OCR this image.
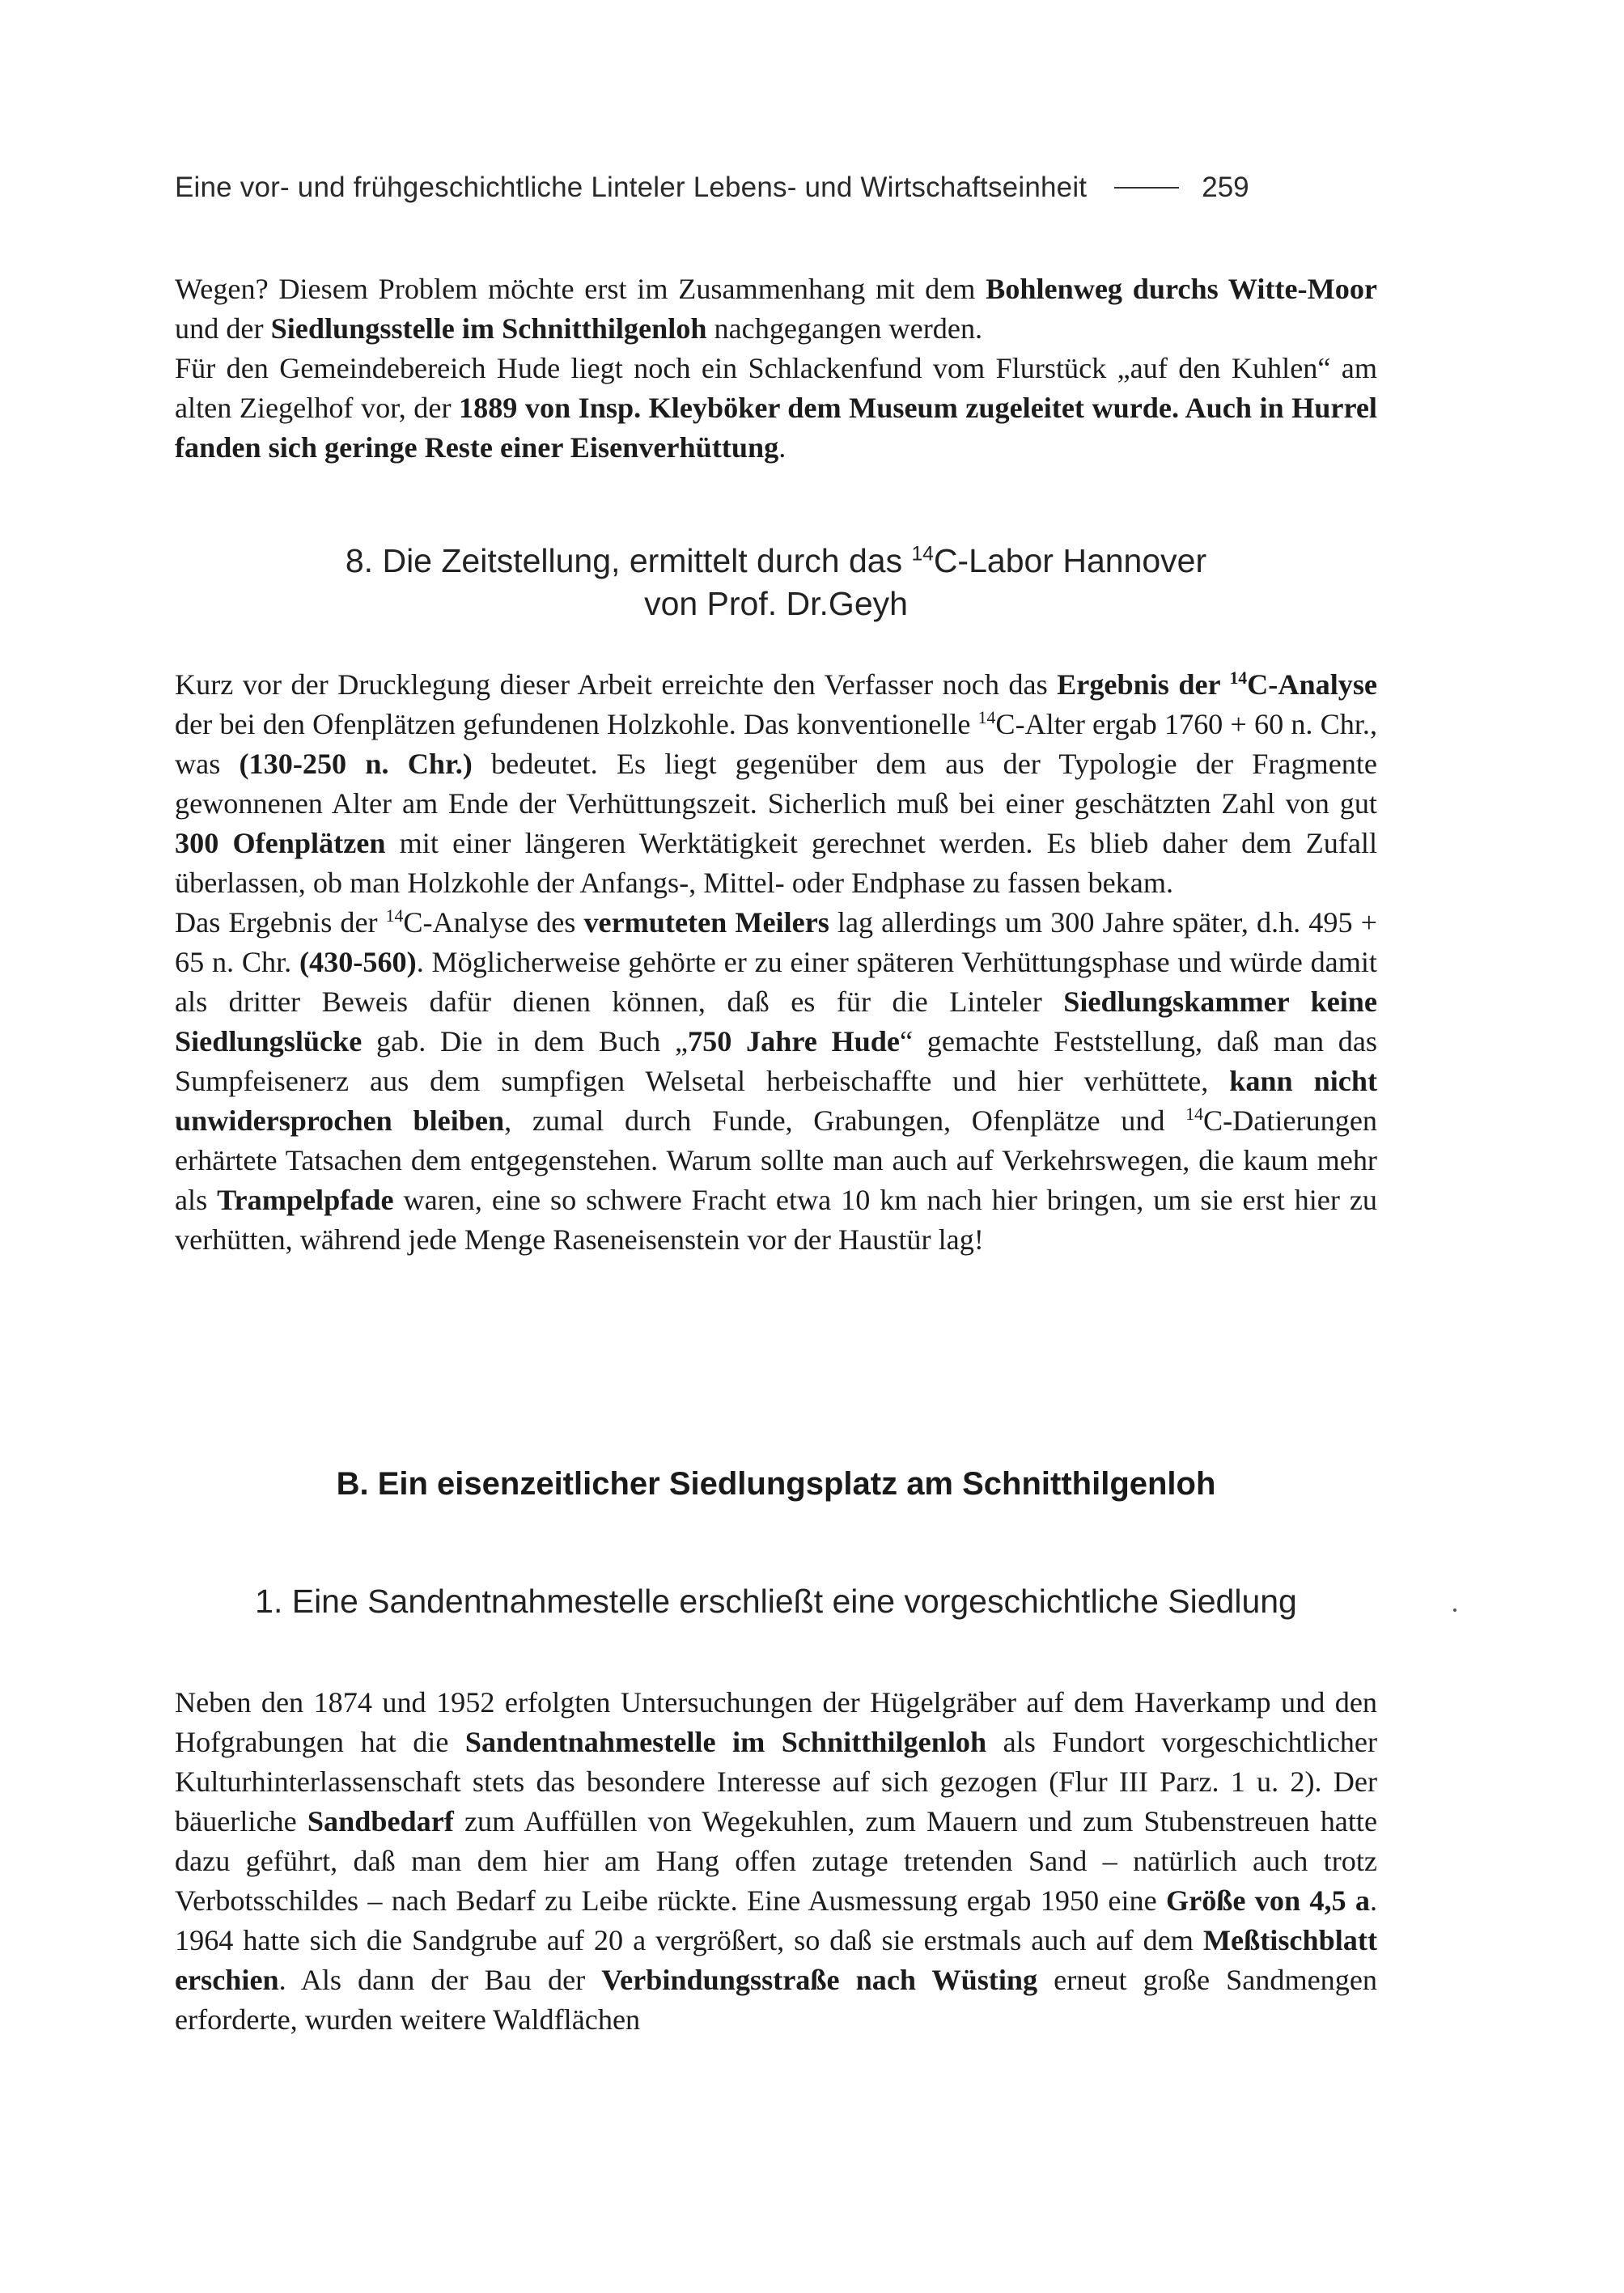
Eine vor- und frühgeschichtliche Linteler Lebens- und Wirtschaftseinheit	259

Wegen? Diesem Problem möchte erst im Zusammenhang mit dem Bohlenweg durchs Witte-Moor und der Siedlungsstelle im Schnitthilgenloh nachgegangen werden.

Für den Gemeindebereich Hude liegt noch ein Schlackenfund vom Flurstück „auf den Kuhlen“ am alten Ziegelhof vor, der 1889 von Insp. Kleyböker dem Museum zugeleitet wurde. Auch in Hurrel fanden sich geringe Reste einer Eisenverhüttung.

8. Die Zeitstellung, ermittelt durch das $^{14}$C-Labor Hannover
von Prof. Dr.Geyh

Kurz vor der Drucklegung dieser Arbeit erreichte den Verfasser noch das Ergebnis der $^{14}$C-Analyse der bei den Ofenplätzen gefundenen Holzkohle. Das konventionelle $^{14}$C-Alter ergab 1760 + 60 n. Chr., was (130-250 n. Chr.) bedeutet. Es liegt gegenüber dem aus der Typologie der Fragmente gewonnenen Alter am Ende der Verhüttungszeit. Sicherlich muß bei einer geschätzten Zahl von gut 300 Ofenplätzen mit einer längeren Werktätigkeit gerechnet werden. Es blieb daher dem Zufall überlassen, ob man Holzkohle der Anfangs-, Mittel- oder Endphase zu fassen bekam.

Das Ergebnis der $^{14}$C-Analyse des vermuteten Meilers lag allerdings um 300 Jahre später, d.h. 495 + 65 n. Chr. (430-560). Möglicherweise gehörte er zu einer späteren Verhüttungsphase und würde damit als dritter Beweis dafür dienen können, daß es für die Linteler Siedlungskammer keine Siedlungslücke gab. Die in dem Buch „750 Jahre Hude“ gemachte Feststellung, daß man das Sumpfeisenerz aus dem sumpfigen Welsetal herbeischaffte und hier verhüttete, kann nicht unwidersprochen bleiben, zumal durch Funde, Grabungen, Ofenplätze und $^{14}$C-Datierungen erhärtete Tatsachen dem entgegenstehen. Warum sollte man auch auf Verkehrswegen, die kaum mehr als Trampelpfade waren, eine so schwere Fracht etwa 10 km nach hier bringen, um sie erst hier zu verhütten, während jede Menge Raseneisenstein vor der Haustür lag!

B. Ein eisenzeitlicher Siedlungsplatz am Schnitthilgenloh
1. Eine Sandentnahmestelle erschließt eine vorgeschichtliche Siedlung

Neben den 1874 und 1952 erfolgten Untersuchungen der Hügelgräber auf dem Haverkamp und den Hofgrabungen hat die Sandentnahmestelle im Schnitthilgenloh als Fundort vorgeschichtlicher Kulturhinterlassenschaft stets das besondere Interesse auf sich gezogen (Flur III Parz. 1 u. 2). Der bäuerliche Sandbedarf zum Auffüllen von Wegekuhlen, zum Mauern und zum Stubenstreuen hatte dazu geführt, daß man dem hier am Hang offen zutage tretenden Sand – natürlich auch trotz Verbotsschildes – nach Bedarf zu Leibe rückte. Eine Ausmessung ergab 1950 eine Größe von 4,5 a. 1964 hatte sich die Sandgrube auf 20 a vergrößert, so daß sie erstmals auch auf dem Meßtischblatt erschien. Als dann der Bau der Verbindungsstraße nach Wüsting erneut große Sandmengen erforderte, wurden weitere Waldflächen
